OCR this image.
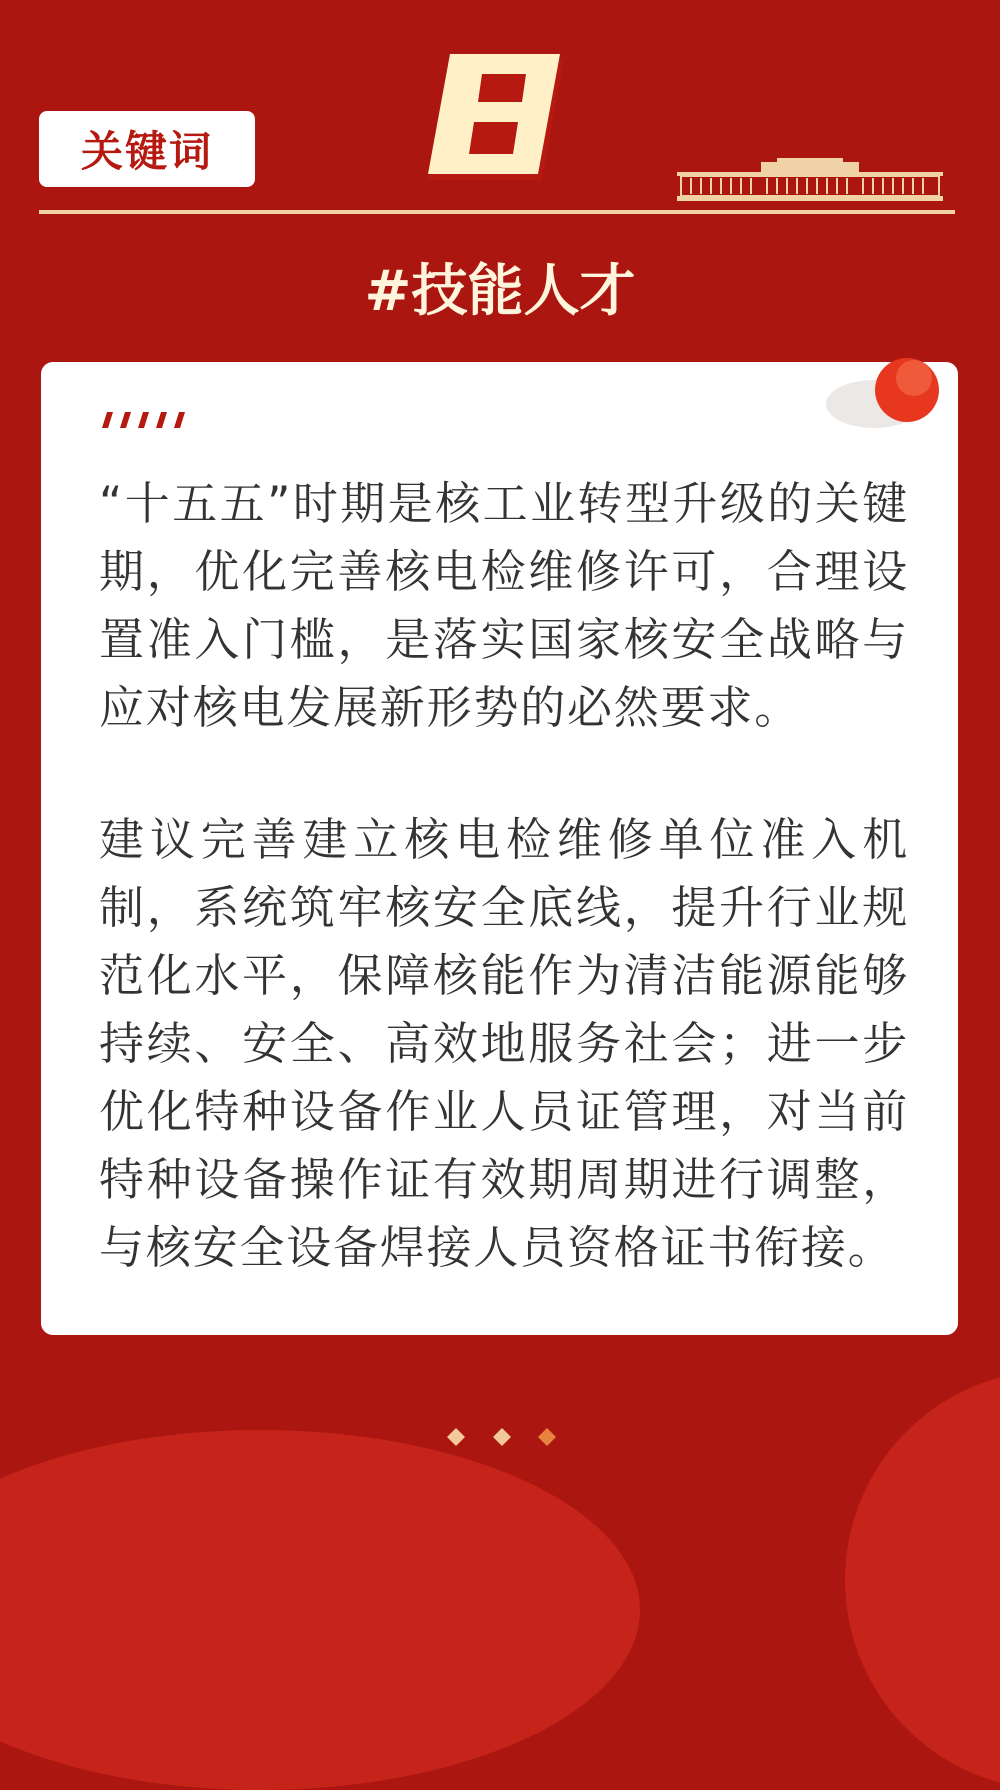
关键词
#技能人才

“十五五”时期是核工业转型升级的关键期，优化完善核电检维修许可，合理设置准入门槛，是落实国家核安全战略与应对核电发展新形势的必然要求。

建议完善建立核电检维修单位准入机制，系统筑牢核安全底线，提升行业规范化水平，保障核能作为清洁能源能够持续、安全、高效地服务社会；进一步优化特种设备作业人员证管理，对当前特种设备操作证有效期周期进行调整，与核安全设备焊接人员资格证书衔接。
